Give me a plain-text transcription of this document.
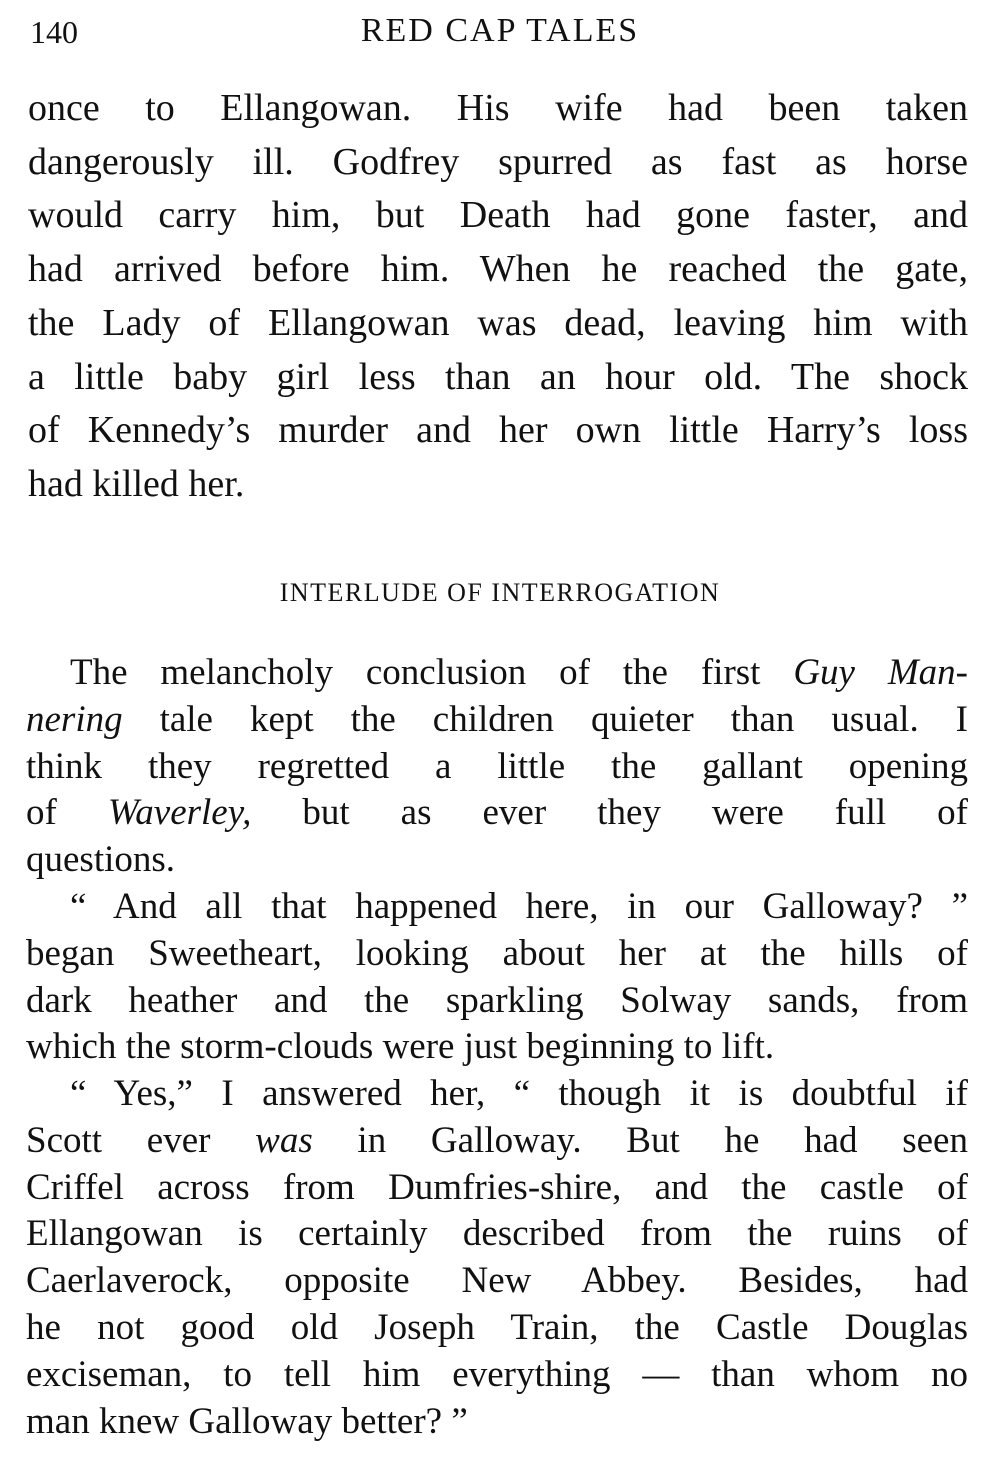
140	RED CAP TALES
once to Ellangowan. His wife had been taken
dangerously ill. Godfrey spurred as fast as horse
would carry him, but Death had gone faster, and
had arrived before him. When he reached the gate,
the Lady of Ellangowan was dead, leaving him with
a little baby girl less than an hour old. The shock
of Kennedy’s murder and her own little Harry’s loss
had killed her.
INTERLUDE OF INTERROGATION
The melancholy conclusion of the first Guy Man-
nering tale kept the children quieter than usual. I
think they regretted a little the gallant opening
of Waverley, but as ever they were full of
questions.
“ And all that happened here, in our Galloway? ”
began Sweetheart, looking about her at the hills of
dark heather and the sparkling Solway sands, from
which the storm-clouds were just beginning to lift.
“ Yes,” I answered her, “ though it is doubtful if
Scott ever was in Galloway. But he had seen
Criffel across from Dumfries-shire, and the castle of
Ellangowan is certainly described from the ruins of
Caerlaverock, opposite New Abbey. Besides, had
he not good old Joseph Train, the Castle Douglas
exciseman, to tell him everything — than whom no
man knew Galloway better? ”
